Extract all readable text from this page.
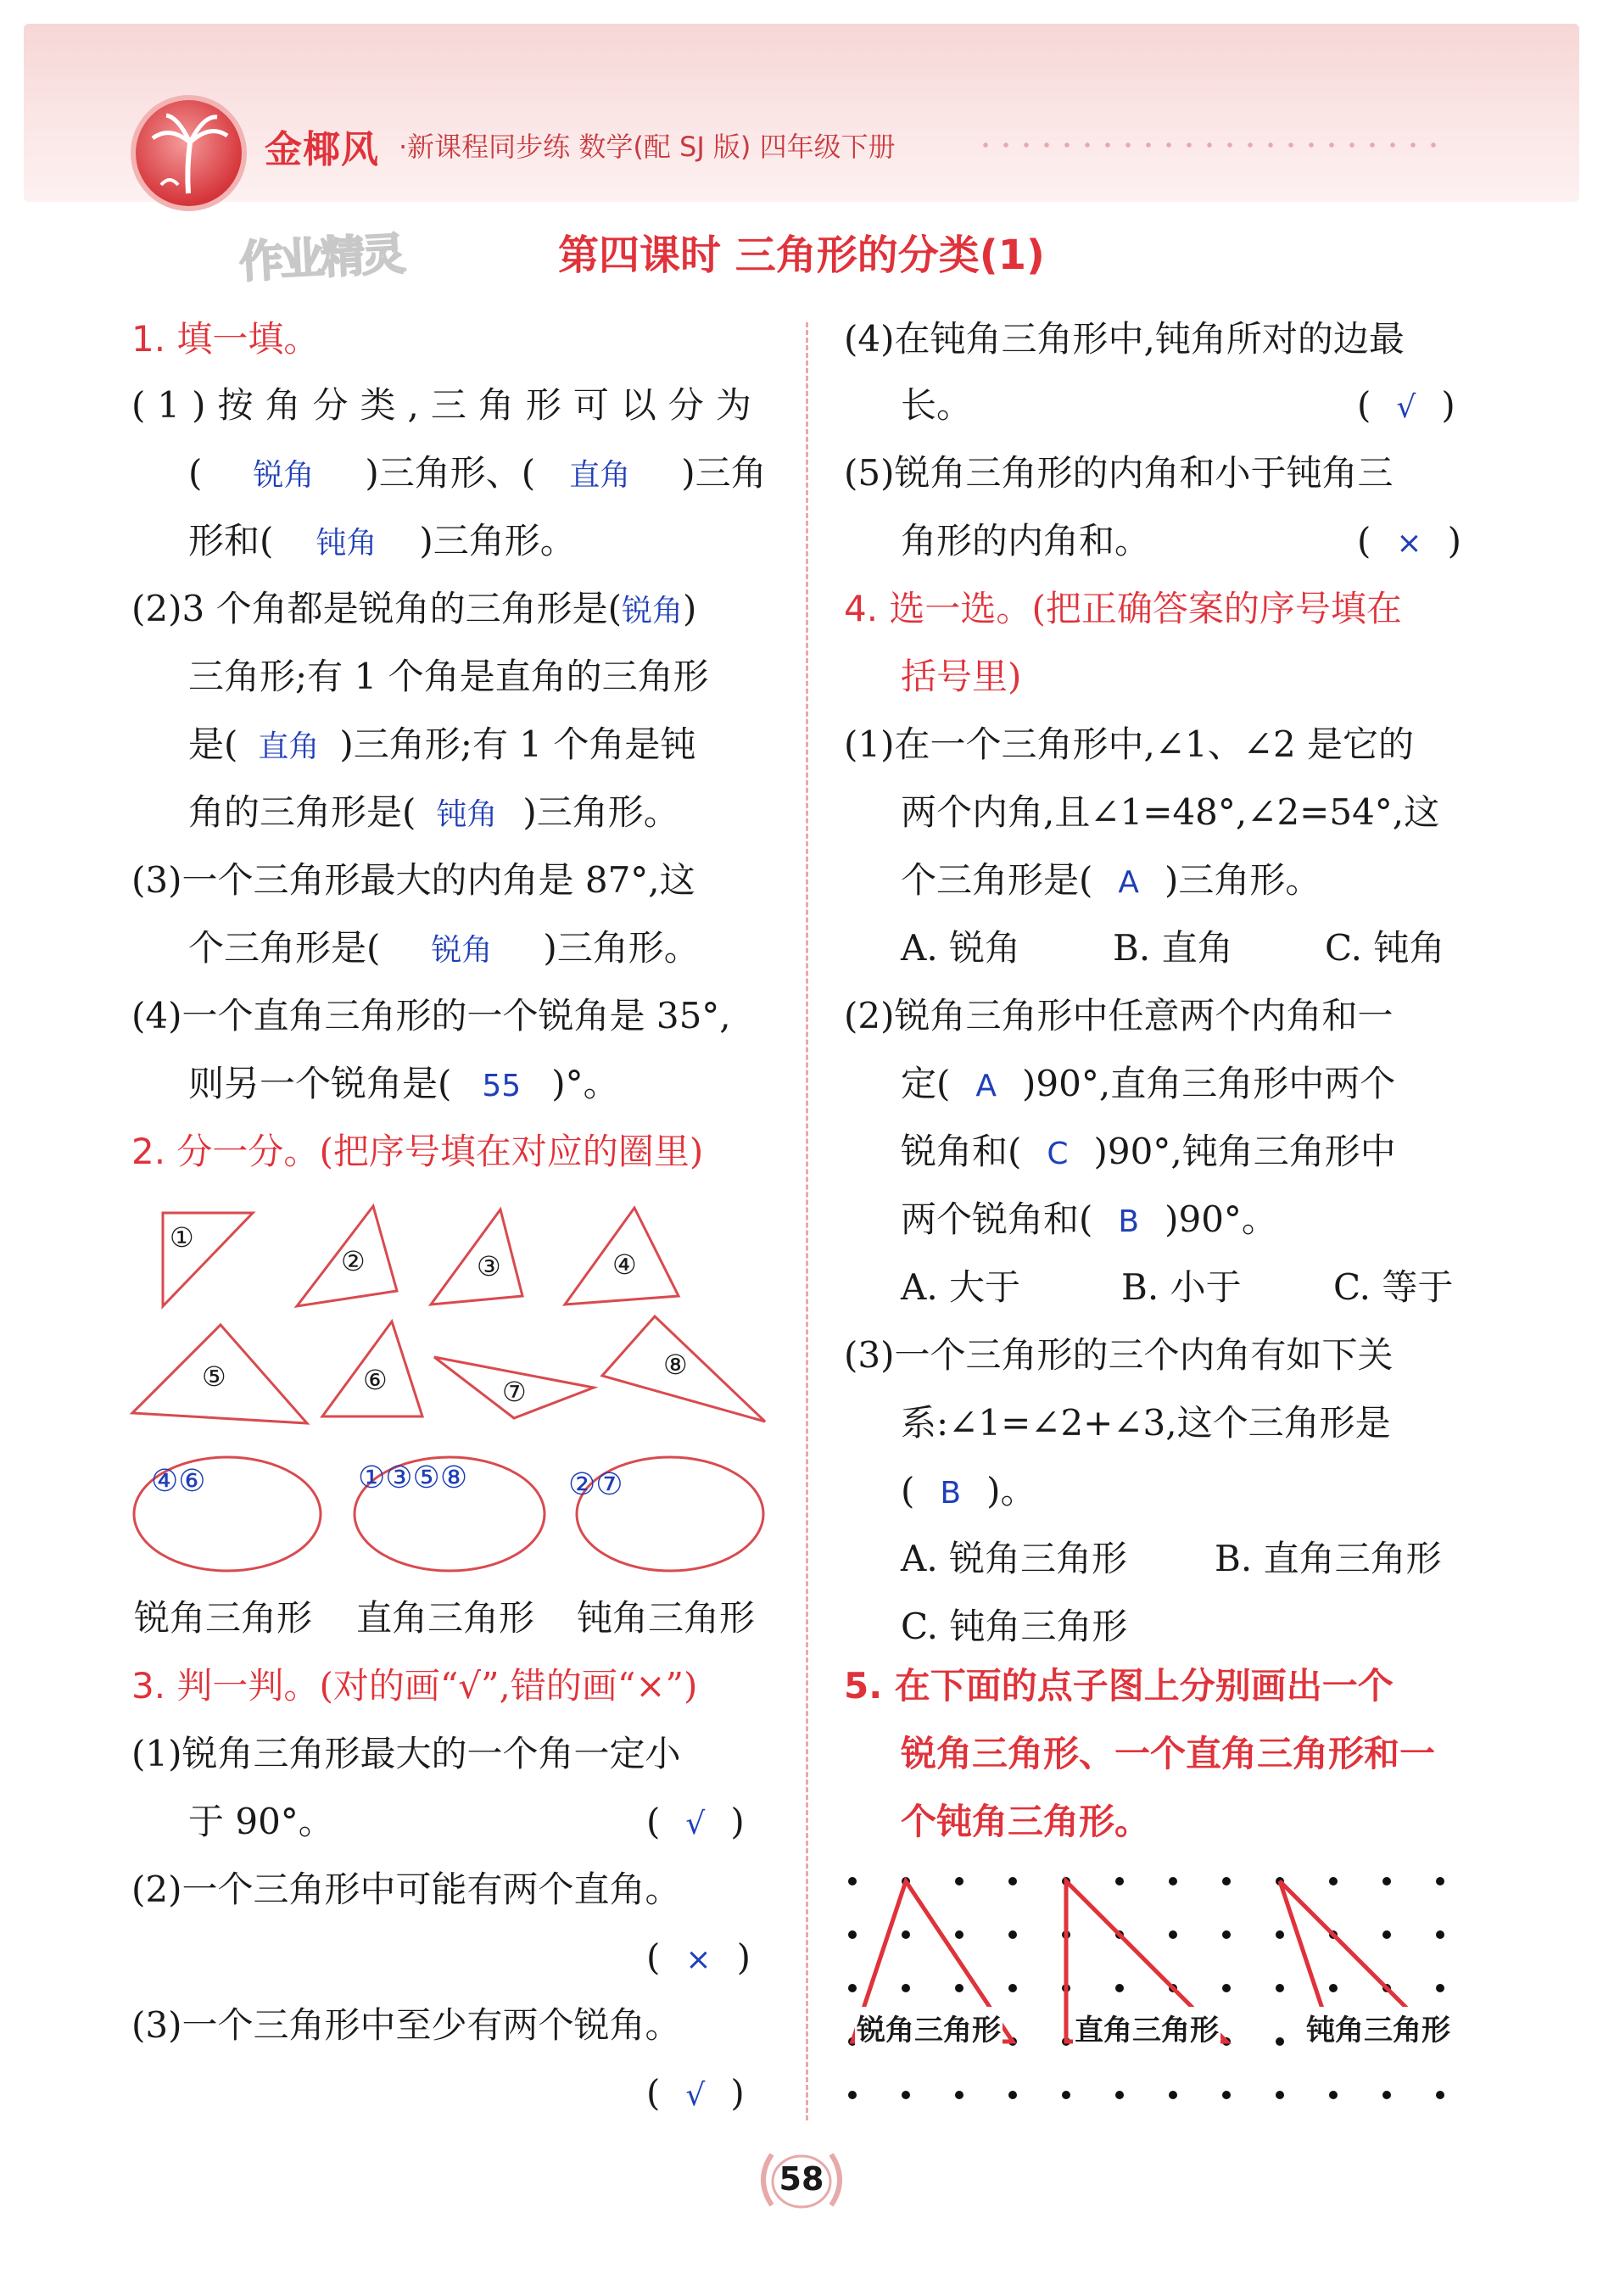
金椰风 ·新课程同步练 数学(配 SJ 版) 四年级下册
作业精灵	第四课时 三角形的分类(1)
1. 填一填。
(1)按角分类,三角形可以分为
( 锐角 )三角形、( 直角 )三角
形和( 钝角 )三角形。
(2)3 个角都是锐角的三角形是(锐角)
三角形;有 1 个角是直角的三角形
是( 直角 )三角形;有 1 个角是钝
角的三角形是( 钝角 )三角形。
(3)一个三角形最大的内角是 87°,这
个三角形是( 锐角 )三角形。
(4)一个直角三角形的一个锐角是 35°,
则另一个锐角是( 55 )°。
2. 分一分。(把序号填在对应的圈里)
①
②	③	④
⑤	⑥	⑦
⑧
④⑥	①③⑤⑧	②⑦
锐角三角形 直角三角形 钝角三角形
3. 判一判。(对的画“√”,错的画“×”)
(1)锐角三角形最大的一个角一定小
于 90°。	( √ )
(2)一个三角形中可能有两个直角。
( × )
(3)一个三角形中至少有两个锐角。
( √ )
(4)在钝角三角形中,钝角所对的边最
长。	( √ )
(5)锐角三角形的内角和小于钝角三
角形的内角和。	( × )
4. 选一选。(把正确答案的序号填在
括号里)
(1)在一个三角形中,∠1、∠2 是它的
两个内角,且∠1=48°,∠2=54°,这
个三角形是( A )三角形。
A. 锐角	B. 直角	C. 钝角
(2)锐角三角形中任意两个内角和一
定( A )90°,直角三角形中两个
锐角和( C )90°,钝角三角形中
两个锐角和( B )90°。
A. 大于	B. 小于	C. 等于
(3)一个三角形的三个内角有如下关
系:∠1=∠2+∠3,这个三角形是
( B )。
A. 锐角三角形 B. 直角三角形
C. 钝角三角形
5. 在下面的点子图上分别画出一个
锐角三角形、一个直角三角形和一
个钝角三角形。
锐角三角形	直角三角形	钝角三角形
58
